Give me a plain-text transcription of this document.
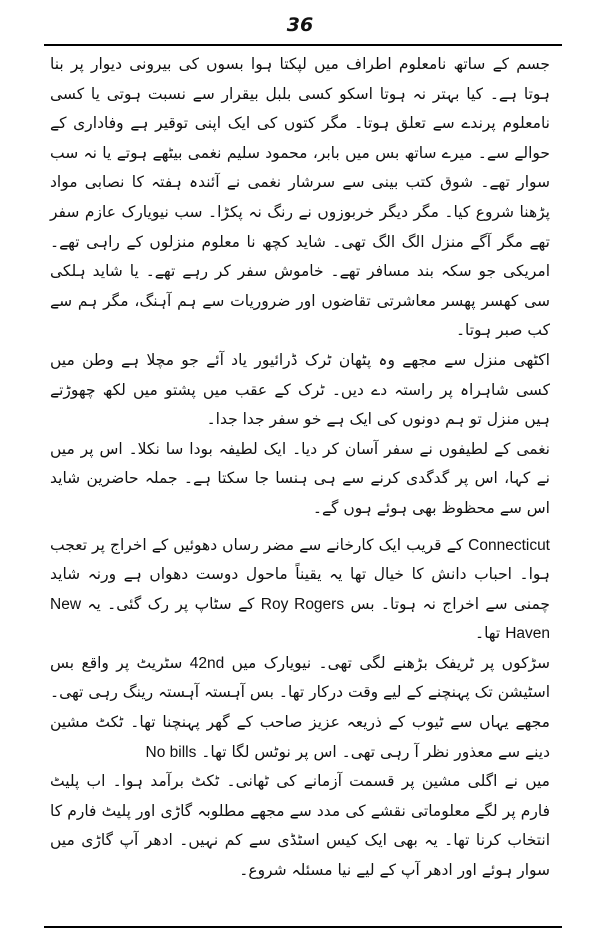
36

جسم کے ساتھ نامعلوم اطراف میں لپکتا ہوا بسوں کی بیرونی دیوار پر بنا ہوتا ہے۔ کیا بہتر نہ ہوتا اسکو کسی بلبل بیقرار سے نسبت ہوتی یا کسی نامعلوم پرندے سے تعلق ہوتا۔ مگر کتوں کی ایک اپنی توقیر ہے وفاداری کے حوالے سے۔ میرے ساتھ بس میں بابر، محمود سلیم نغمی بیٹھے ہوتے یا نہ سب سوار تھے۔ شوق کتب بینی سے سرشار نغمی نے آئندہ ہفتہ کا نصابی مواد پڑھنا شروع کیا۔ مگر دیگر خربوزوں نے رنگ نہ پکڑا۔ سب نیویارک عازم سفر تھے مگر آگے منزل الگ الگ تھی۔ شاید کچھ نا معلوم منزلوں کے راہی تھے۔ امریکی جو سکہ بند مسافر تھے۔ خاموش سفر کر رہے تھے۔ یا شاید ہلکی سی کھسر پھسر معاشرتی تقاضوں اور ضروریات سے ہم آہنگ، مگر ہم سے کب صبر ہوتا۔

اکٹھی منزل سے مجھے وہ پٹھان ٹرک ڈرائیور یاد آئے جو مچلا ہے وطن میں کسی شاہراہ پر راستہ دے دیں۔ ٹرک کے عقب میں پشتو میں لکھ چھوڑتے ہیں منزل تو ہم دونوں کی ایک ہے خو سفر جدا جدا۔

نغمی کے لطیفوں نے سفر آسان کر دیا۔ ایک لطیفہ بودا سا نکلا۔ اس پر میں نے کہا، اس پر گدگدی کرنے سے ہی ہنسا جا سکتا ہے۔ جملہ حاضرین شاید اس سے محظوظ بھی ہوئے ہوں گے۔

Connecticut کے قریب ایک کارخانے سے مضر رساں دھوئیں کے اخراج پر تعجب ہوا۔ احباب دانش کا خیال تھا یہ یقیناً ماحول دوست دھواں ہے ورنہ شاید چمنی سے اخراج نہ ہوتا۔ بس Roy Rogers کے سٹاپ پر رک گئی۔ یہ New Haven تھا۔

سڑکوں پر ٹریفک بڑھنے لگی تھی۔ نیویارک میں 42nd سٹریٹ پر واقع بس اسٹیشن تک پہنچنے کے لیے وقت درکار تھا۔ بس آہستہ آہستہ رینگ رہی تھی۔ مجھے یہاں سے ٹیوب کے ذریعہ عزیز صاحب کے گھر پہنچنا تھا۔ ٹکٹ مشین دینے سے معذور نظر آ رہی تھی۔ اس پر نوٹس لگا تھا۔ No bills

میں نے اگلی مشین پر قسمت آزمانے کی ٹھانی۔ ٹکٹ برآمد ہوا۔ اب پلیٹ فارم پر لگے معلوماتی نقشے کی مدد سے مجھے مطلوبہ گاڑی اور پلیٹ فارم کا انتخاب کرنا تھا۔ یہ بھی ایک کیس اسٹڈی سے کم نہیں۔ ادھر آپ گاڑی میں سوار ہوئے اور ادھر آپ کے لیے نیا مسئلہ شروع۔
